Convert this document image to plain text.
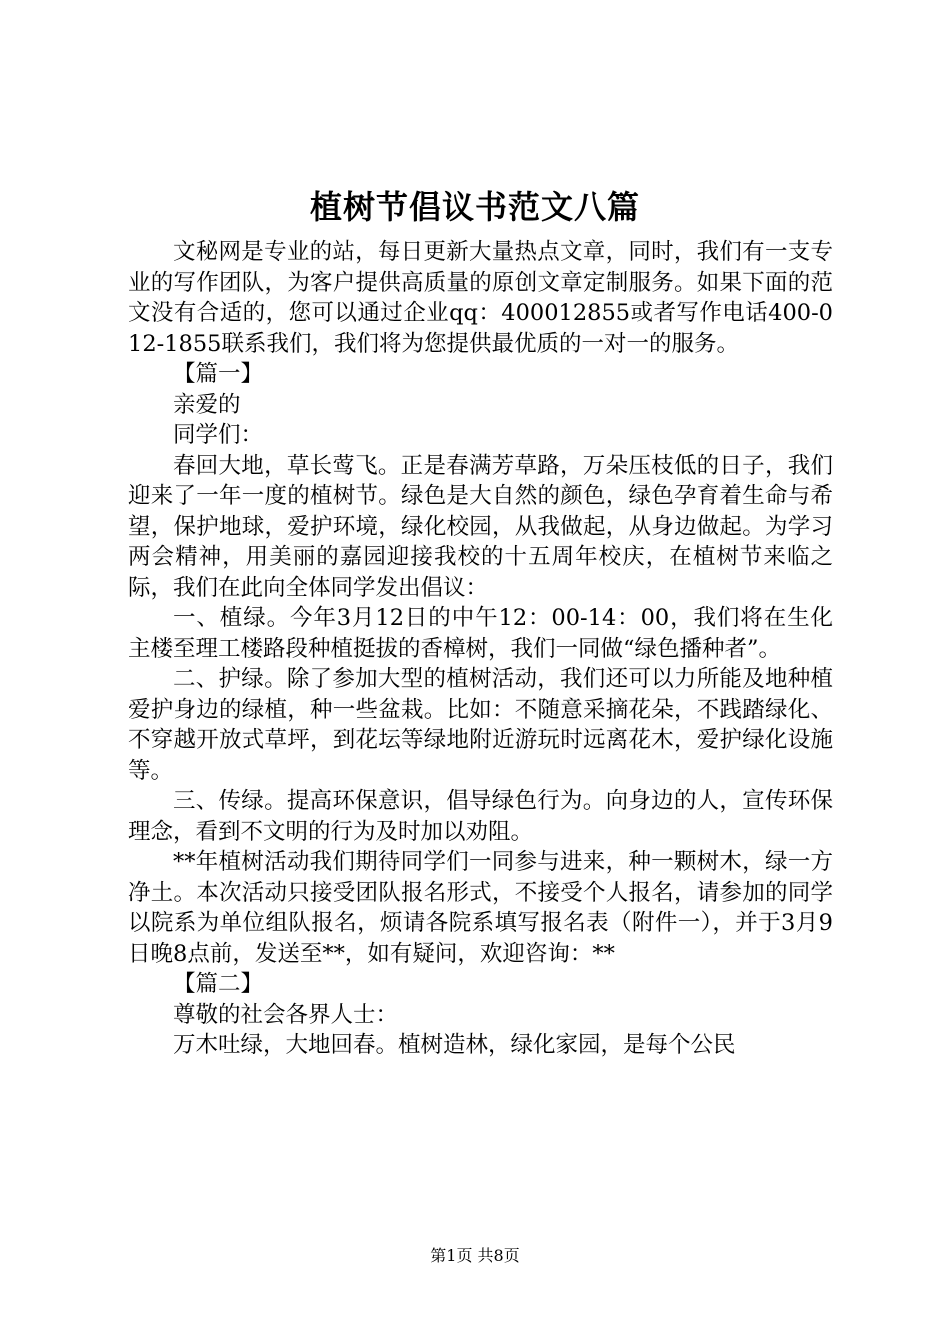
植树节倡议书范文八篇

文秘网是专业的站，每日更新大量热点文章，同时，我们有一支专业的写作团队，为客户提供高质量的原创文章定制服务。如果下面的范文没有合适的，您可以通过企业qq：400012855或者写作电话400-012-1855联系我们，我们将为您提供最优质的一对一的服务。

【篇一】

亲爱的

同学们：

春回大地，草长莺飞。正是春满芳草路，万朵压枝低的日子，我们迎来了一年一度的植树节。绿色是大自然的颜色，绿色孕育着生命与希望，保护地球，爱护环境，绿化校园，从我做起，从身边做起。为学习两会精神，用美丽的嘉园迎接我校的十五周年校庆，在植树节来临之际，我们在此向全体同学发出倡议：

一、植绿。今年3月12日的中午12：00-14：00，我们将在生化主楼至理工楼路段种植挺拔的香樟树，我们一同做“绿色播种者”。

二、护绿。除了参加大型的植树活动，我们还可以力所能及地种植爱护身边的绿植，种一些盆栽。比如：不随意采摘花朵，不践踏绿化、不穿越开放式草坪，到花坛等绿地附近游玩时远离花木，爱护绿化设施等。

三、传绿。提高环保意识，倡导绿色行为。向身边的人，宣传环保理念，看到不文明的行为及时加以劝阻。

**年植树活动我们期待同学们一同参与进来，种一颗树木，绿一方净土。本次活动只接受团队报名形式，不接受个人报名，请参加的同学以院系为单位组队报名，烦请各院系填写报名表（附件一），并于3月9日晚8点前，发送至**，如有疑问，欢迎咨询：**

【篇二】

尊敬的社会各界人士：

万木吐绿，大地回春。植树造林，绿化家园，是每个公民

第1页 共8页
